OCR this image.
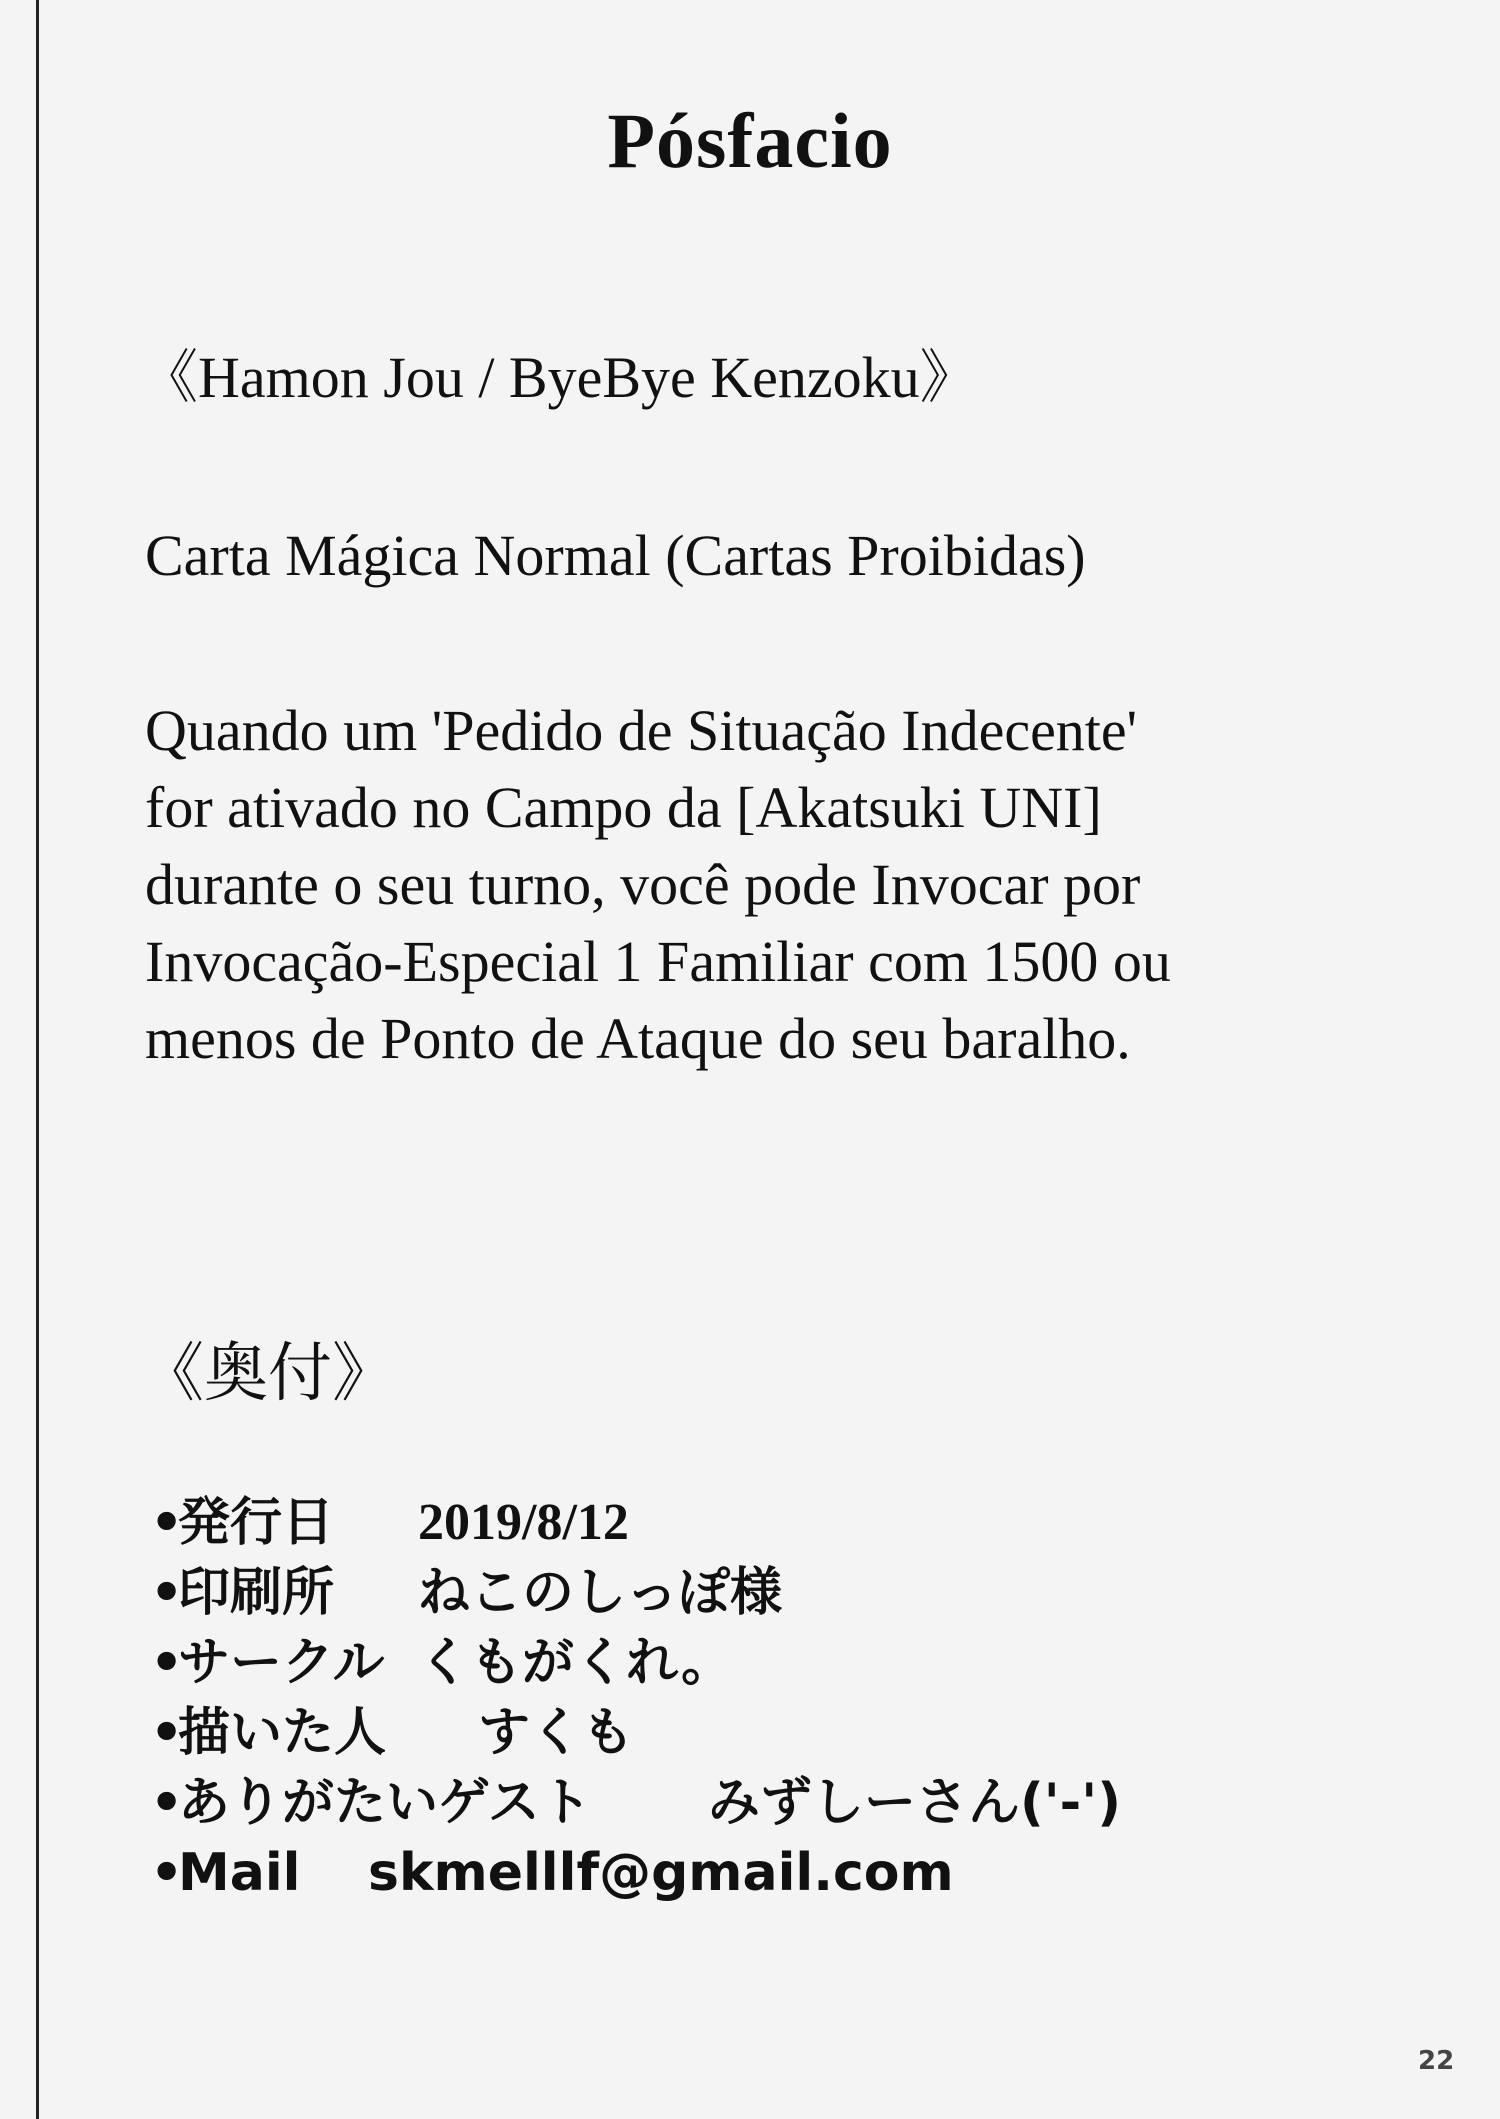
Pósfacio
《Hamon Jou / ByeBye Kenzoku》
Carta Mágica Normal (Cartas Proibidas)
Quando um 'Pedido de Situação Indecente'
for ativado no Campo da [Akatsuki UNI]
durante o seu turno, você pode Invocar por
Invocação-Especial 1 Familiar com 1500 ou
menos de Ponto de Ataque do seu baralho.
《奥付》
•
発行日	2019/8/12
•
印刷所	ねこのしっぽ様
•
サークル くもがくれ。
•
描いた人	すくも
•
ありがたいゲスト	みずしーさん('-')
•
Mail	skmelllf@gmail.com
22
